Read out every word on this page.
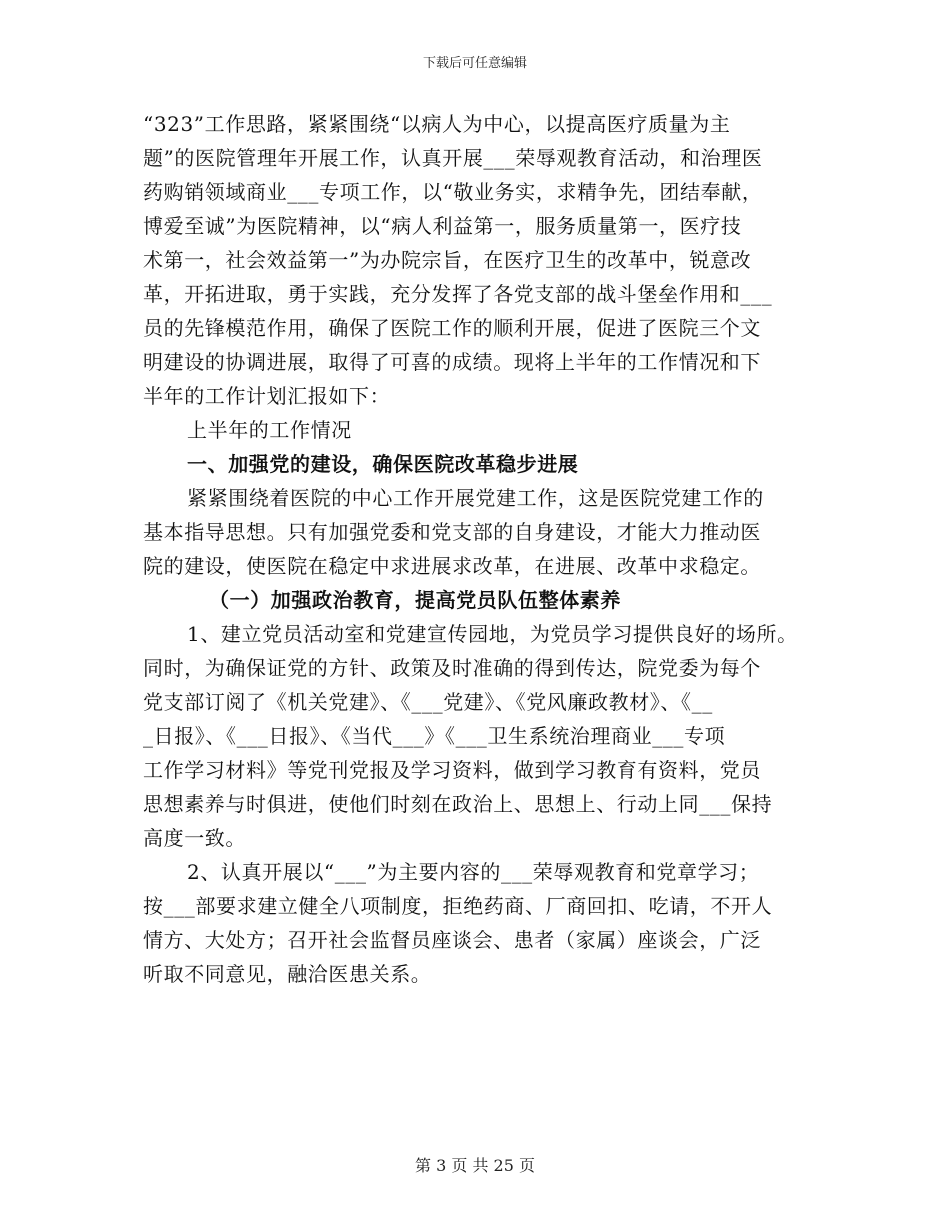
下载后可任意编辑
“323”工作思路，紧紧围绕“以病人为中心，以提高医疗质量为主
题”的医院管理年开展工作，认真开展___荣辱观教育活动，和治理医
药购销领域商业___专项工作，以“敬业务实，求精争先，团结奉献，
博爱至诚”为医院精神，以“病人利益第一，服务质量第一，医疗技
术第一，社会效益第一”为办院宗旨，在医疗卫生的改革中，锐意改
革，开拓进取，勇于实践，充分发挥了各党支部的战斗堡垒作用和___
员的先锋模范作用，确保了医院工作的顺利开展，促进了医院三个文
明建设的协调进展，取得了可喜的成绩。现将上半年的工作情况和下
半年的工作计划汇报如下：
上半年的工作情况
一、加强党的建设，确保医院改革稳步进展
紧紧围绕着医院的中心工作开展党建工作，这是医院党建工作的
基本指导思想。只有加强党委和党支部的自身建设，才能大力推动医
院的建设，使医院在稳定中求进展求改革，在进展、改革中求稳定。
（一）加强政治教育，提高党员队伍整体素养
1、建立党员活动室和党建宣传园地，为党员学习提供良好的场所。
同时，为确保证党的方针、政策及时准确的得到传达，院党委为每个
党支部订阅了《机关党建》、《___党建》、《党风廉政教材》、《__
_日报》、《___日报》、《当代___》《___卫生系统治理商业___专项
工作学习材料》等党刊党报及学习资料，做到学习教育有资料，党员
思想素养与时俱进，使他们时刻在政治上、思想上、行动上同___保持
高度一致。
2、认真开展以“___”为主要内容的___荣辱观教育和党章学习；
按___部要求建立健全八项制度，拒绝药商、厂商回扣、吃请，不开人
情方、大处方；召开社会监督员座谈会、患者（家属）座谈会，广泛
听取不同意见，融洽医患关系。
第 3 页 共 25 页
